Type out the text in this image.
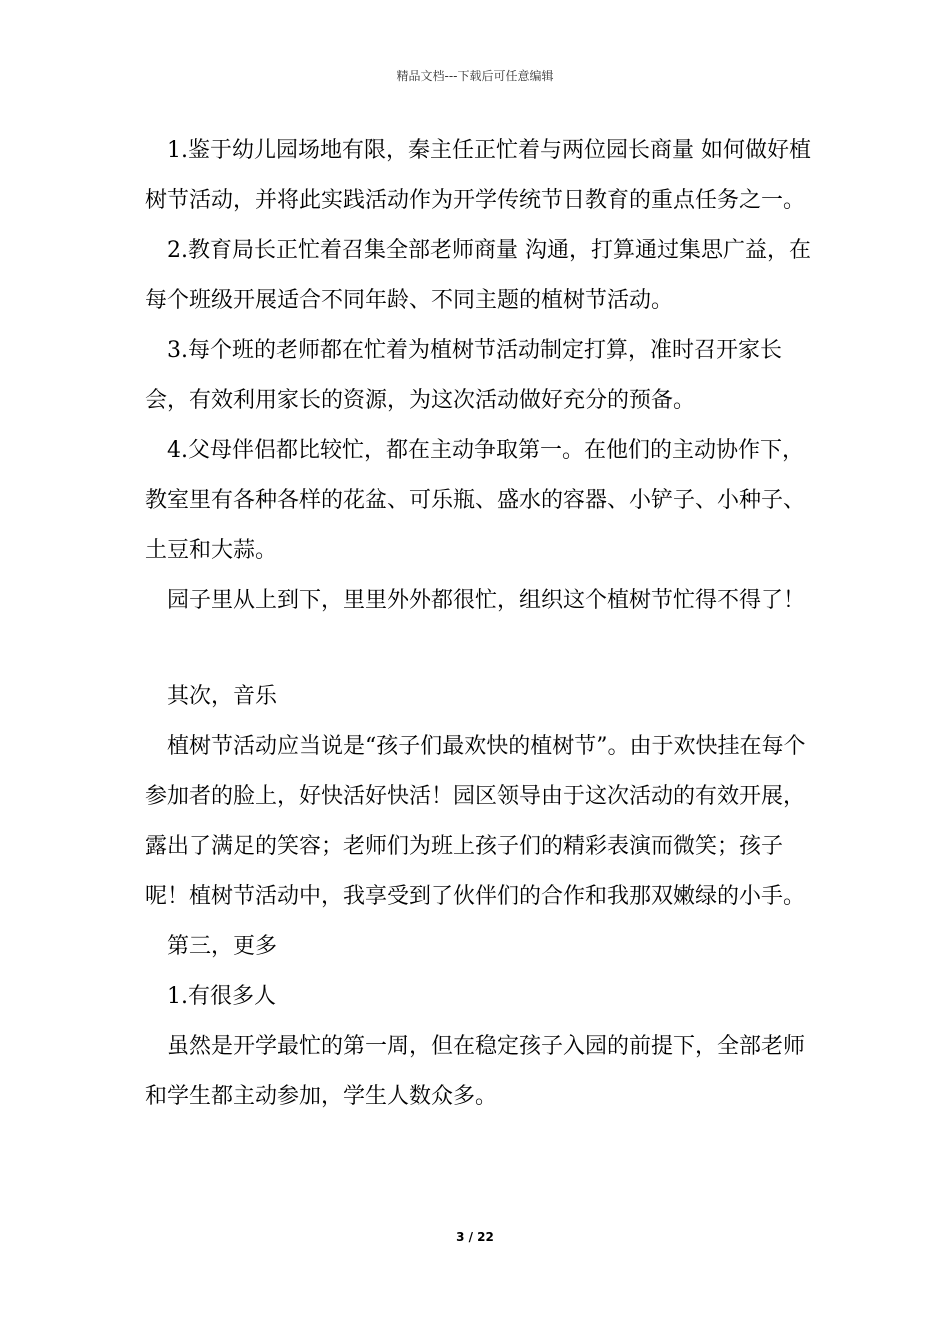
精品文档---下载后可任意编辑

1.鉴于幼儿园场地有限，秦主任正忙着与两位园长商量 如何做好植树节活动，并将此实践活动作为开学传统节日教育的重点任务之一。

2.教育局长正忙着召集全部老师商量 沟通，打算通过集思广益，在每个班级开展适合不同年龄、不同主题的植树节活动。

3.每个班的老师都在忙着为植树节活动制定打算，准时召开家长会，有效利用家长的资源，为这次活动做好充分的预备。

4.父母伴侣都比较忙，都在主动争取第一。在他们的主动协作下，教室里有各种各样的花盆、可乐瓶、盛水的容器、小铲子、小种子、土豆和大蒜。

园子里从上到下，里里外外都很忙，组织这个植树节忙得不得了！

其次，音乐

植树节活动应当说是“孩子们最欢快的植树节”。由于欢快挂在每个参加者的脸上，好快活好快活！园区领导由于这次活动的有效开展，露出了满足的笑容；老师们为班上孩子们的精彩表演而微笑；孩子呢！植树节活动中，我享受到了伙伴们的合作和我那双嫩绿的小手。

第三，更多

1.有很多人

虽然是开学最忙的第一周，但在稳定孩子入园的前提下，全部老师和学生都主动参加，学生人数众多。

3 / 22
